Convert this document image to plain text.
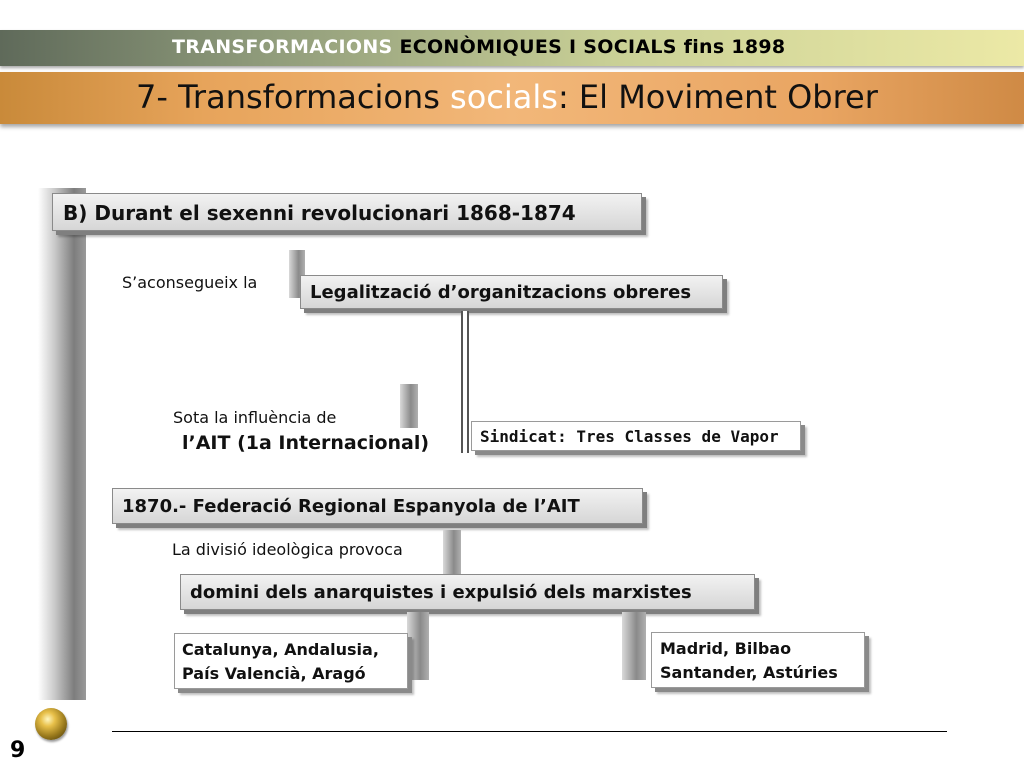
TRANSFORMACIONS ECONÒMIQUES I SOCIALS fins 1898
7- Transformacions socials: El Moviment Obrer
B) Durant el sexenni revolucionari 1868-1874
S’aconsegueix la	Legalització d’organitzacions obreres
Sindicat: Tres Classes de Vapor
Sota la influència de
l’AIT (1a Internacional)
1870.- Federació Regional Espanyola de l’AIT
La divisió ideològica provoca
domini dels anarquistes i expulsió dels marxistes
Catalunya, Andalusia,
País Valencià, Aragó
Madrid, Bilbao
Santander, Astúries
9
